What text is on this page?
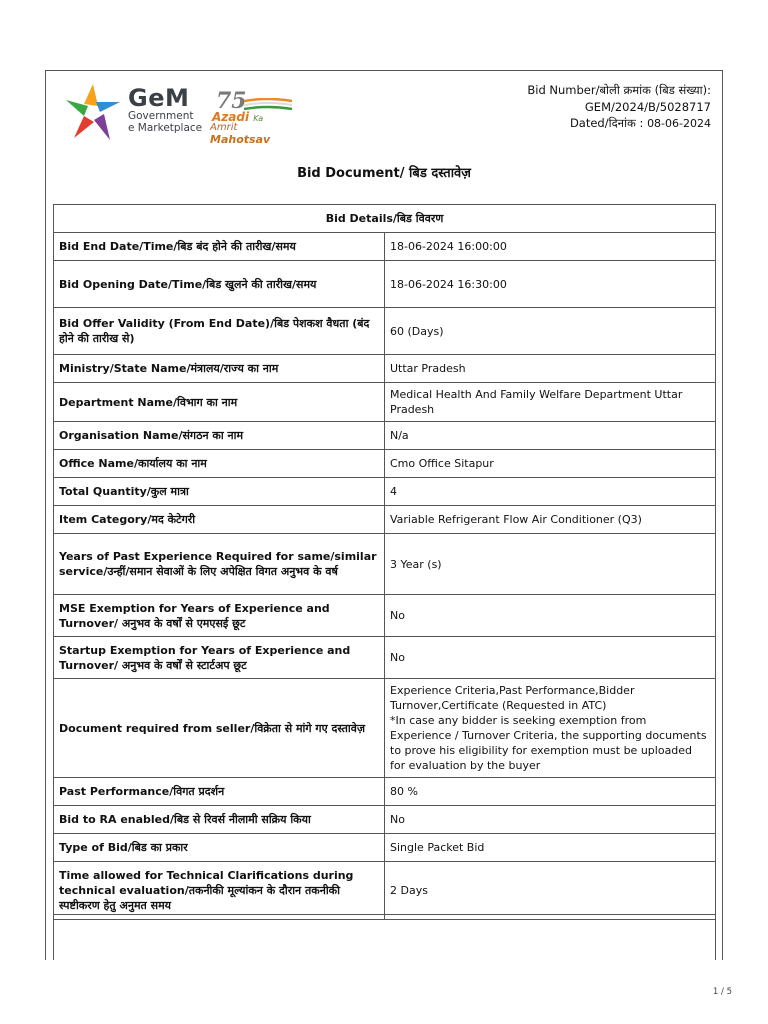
GeM
Government
e Marketplace
75
Azadi Ka
Amrit Mahotsav
Bid Number/बोली क्रमांक (बिड संख्या):
GEM/2024/B/5028717
Dated/दिनांक : 08-06-2024
Bid Document/ बिड दस्तावेज़
Bid Details/बिड विवरण	
Bid End Date/Time/बिड बंद होने की तारीख/समय	18-06-2024 16:00:00

Bid Opening Date/Time/बिड खुलने की तारीख/समय	18-06-2024 16:30:00

Bid Offer Validity (From End Date)/बिड पेशकश वैधता (बंद होने की तारीख से)	60 (Days)

Ministry/State Name/मंत्रालय/राज्य का नाम	Uttar Pradesh

Department Name/विभाग का नाम	Medical Health And Family Welfare Department Uttar Pradesh

Organisation Name/संगठन का नाम	N/a

Office Name/कार्यालय का नाम	Cmo Office Sitapur

Total Quantity/कुल मात्रा	4

Item Category/मद केटेगरी	Variable Refrigerant Flow Air Conditioner (Q3)

Years of Past Experience Required for same/similar service/उन्हीं/समान सेवाओं के लिए अपेक्षित विगत अनुभव के वर्ष	3 Year (s)

MSE Exemption for Years of Experience and Turnover/ अनुभव के वर्षों से एमएसई छूट	No

Startup Exemption for Years of Experience and Turnover/ अनुभव के वर्षों से स्टार्टअप छूट	No

Document required from seller/विक्रेता से मांगे गए दस्तावेज़	Experience Criteria,Past Performance,Bidder Turnover,Certificate (Requested in ATC)
*In case any bidder is seeking exemption from Experience / Turnover Criteria, the supporting documents to prove his eligibility for exemption must be uploaded for evaluation by the buyer

Past Performance/विगत प्रदर्शन	80 %

Bid to RA enabled/बिड से रिवर्स नीलामी सक्रिय किया	No

Type of Bid/बिड का प्रकार	Single Packet Bid

Time allowed for Technical Clarifications during technical evaluation/तकनीकी मूल्यांकन के दौरान तकनीकी स्पष्टीकरण हेतु अनुमत समय	2 Days
1 / 5
